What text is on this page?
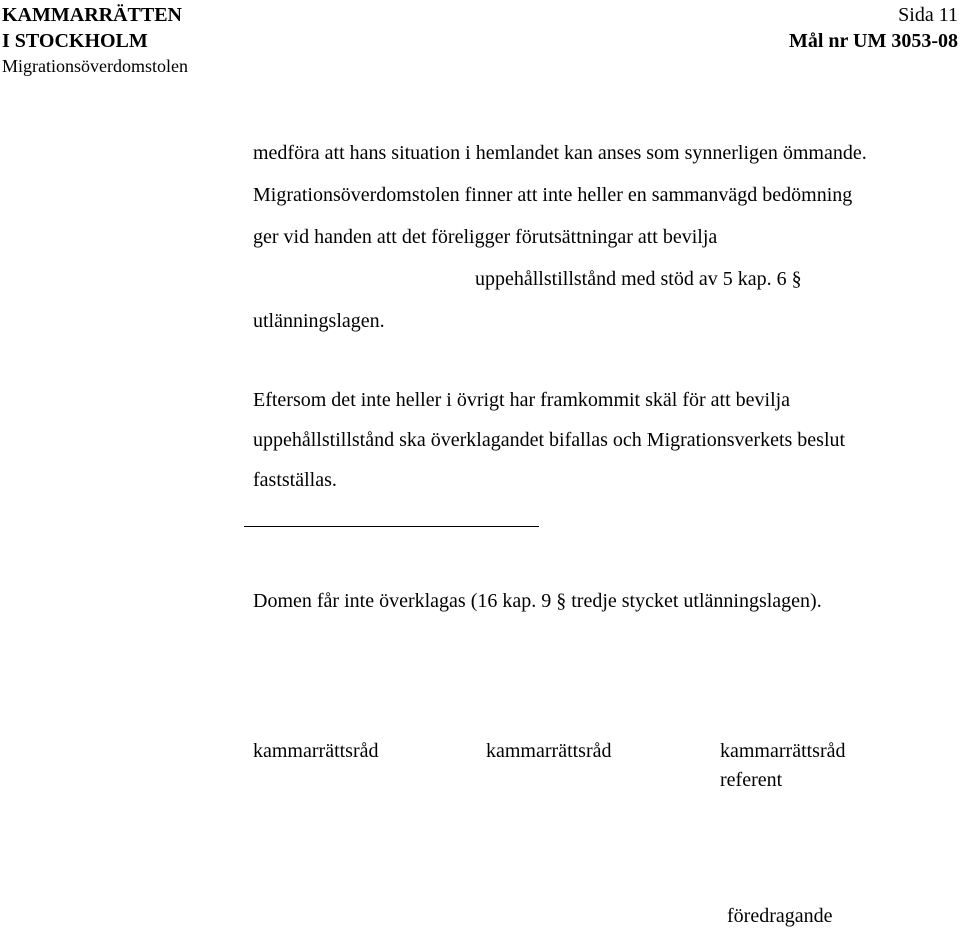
KAMMARRÄTTEN
I STOCKHOLM
Migrationsöverdomstolen
Sida 11
Mål nr UM 3053-08
medföra att hans situation i hemlandet kan anses som synnerligen ömmande. Migrationsöverdomstolen finner att inte heller en sammanvägd bedömning ger vid handen att det föreligger förutsättningar att beviljauppehållstillstånd med stöd av 5 kap. 6 § utlänningslagen.
Eftersom det inte heller i övrigt har framkommit skäl för att bevilja uppehållstillstånd ska överklagandet bifallas och Migrationsverkets beslut fastställas.
Domen får inte överklagas (16 kap. 9 § tredje stycket utlänningslagen).
kammarrättsråd	kammarrättsråd	kammarrättsråd
referent
föredragande
